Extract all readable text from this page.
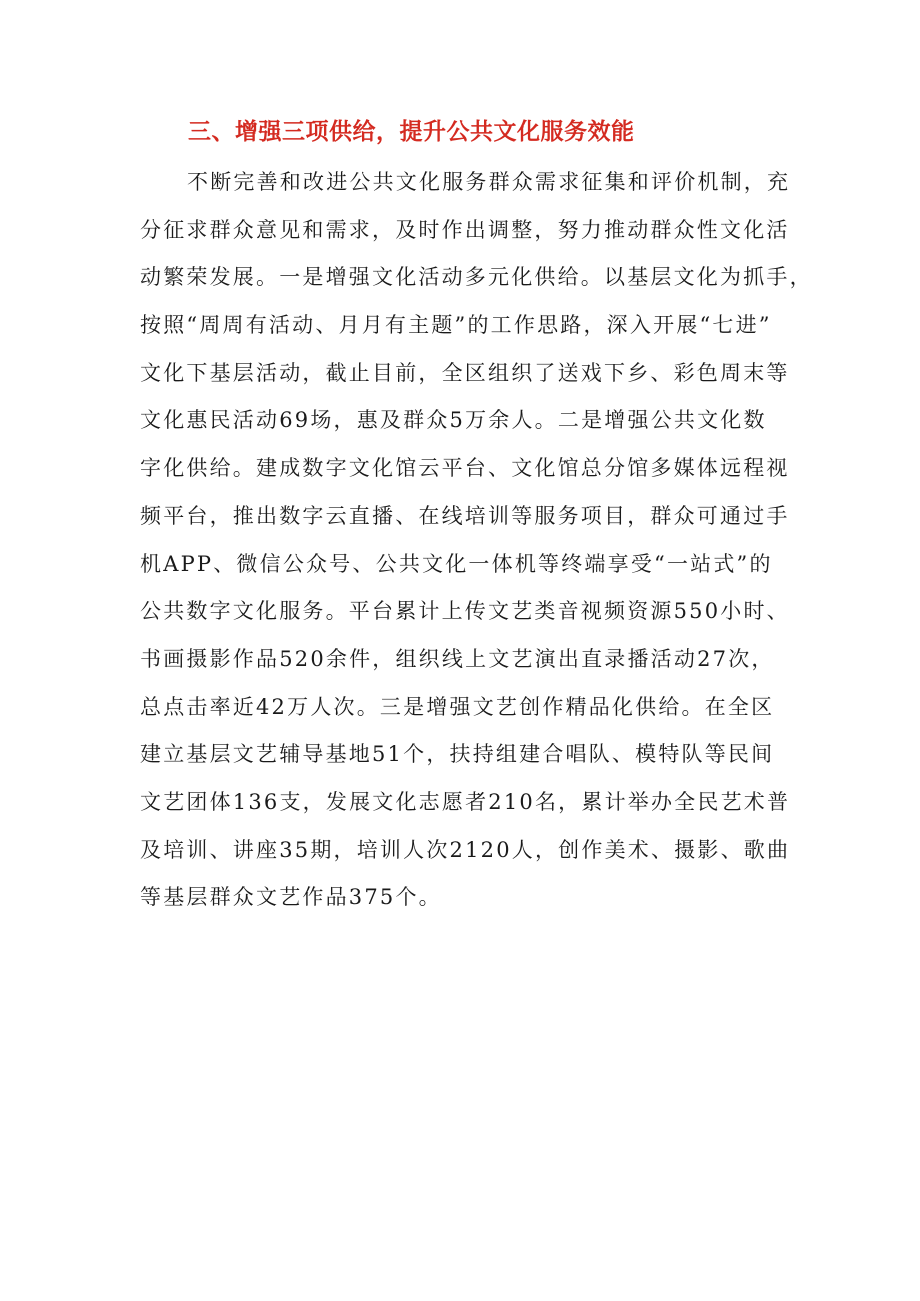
三、增强三项供给，提升公共文化服务效能
不断完善和改进公共文化服务群众需求征集和评价机制，充
分征求群众意见和需求，及时作出调整，努力推动群众性文化活
动繁荣发展。一是增强文化活动多元化供给。以基层文化为抓手，
按照“周周有活动、月月有主题”的工作思路，深入开展“七进”
文化下基层活动，截止目前，全区组织了送戏下乡、彩色周末等
文化惠民活动69场，惠及群众5万余人。二是增强公共文化数
字化供给。建成数字文化馆云平台、文化馆总分馆多媒体远程视
频平台，推出数字云直播、在线培训等服务项目，群众可通过手
机APP、微信公众号、公共文化一体机等终端享受“一站式”的
公共数字文化服务。平台累计上传文艺类音视频资源550小时、
书画摄影作品520余件，组织线上文艺演出直录播活动27次，
总点击率近42万人次。三是增强文艺创作精品化供给。在全区
建立基层文艺辅导基地51个，扶持组建合唱队、模特队等民间
文艺团体136支，发展文化志愿者210名，累计举办全民艺术普
及培训、讲座35期，培训人次2120人，创作美术、摄影、歌曲
等基层群众文艺作品375个。
